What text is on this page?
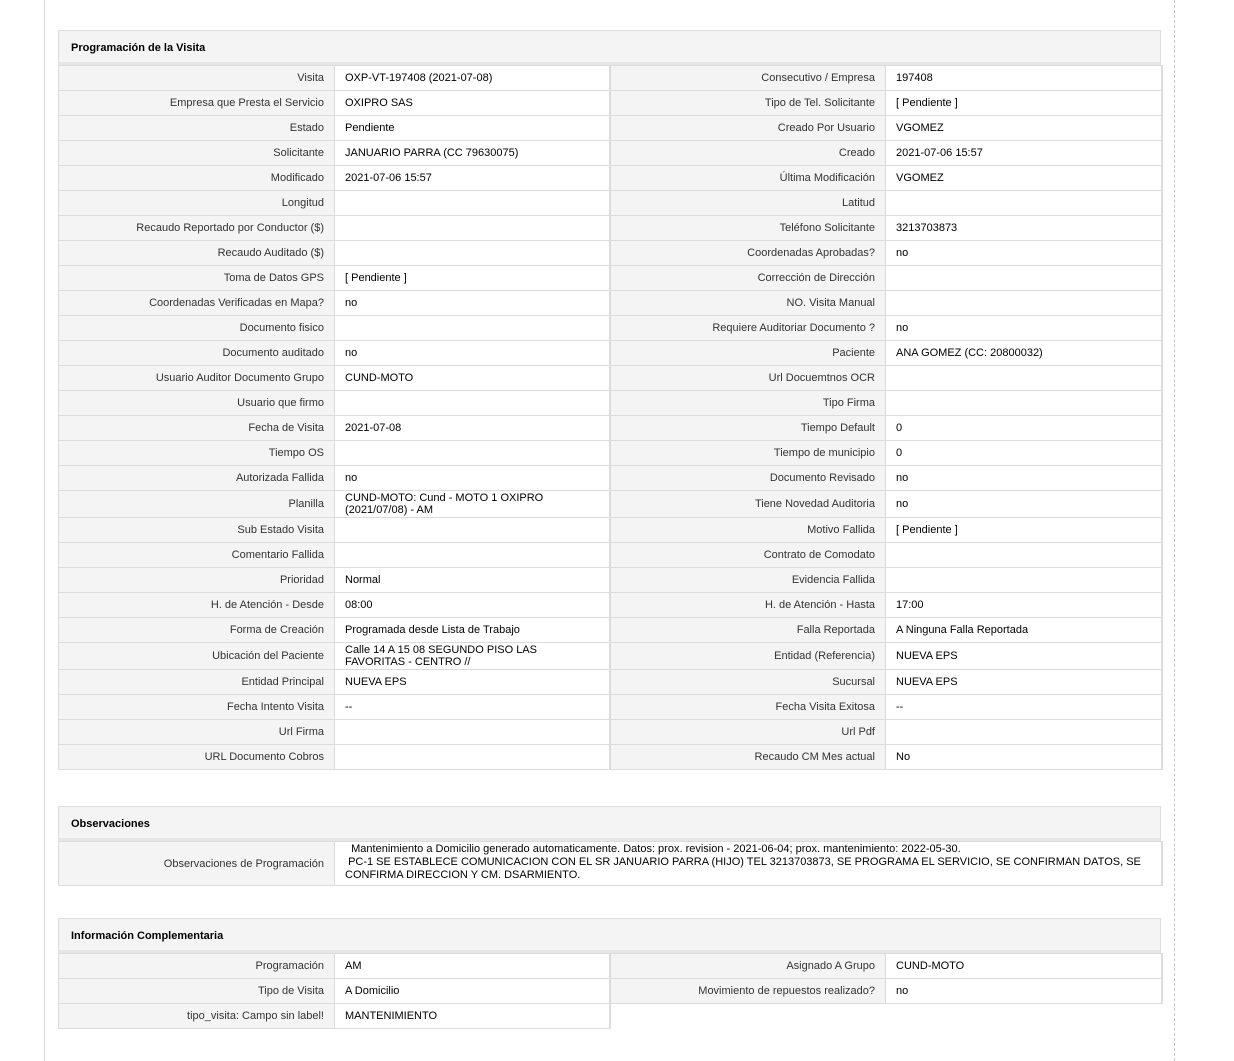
Programación de la Visita
Visita	OXP-VT-197408 (2021-07-08)	Consecutivo / Empresa	197408
Empresa que Presta el Servicio	OXIPRO SAS	Tipo de Tel. Solicitante	[ Pendiente ]
Estado	Pendiente	Creado Por Usuario	VGOMEZ
Solicitante	JANUARIO PARRA (CC 79630075)	Creado	2021-07-06 15:57
Modificado	2021-07-06 15:57	Última Modificación	VGOMEZ
Longitud		Latitud	
Recaudo Reportado por Conductor ($)		Teléfono Solicitante	3213703873
Recaudo Auditado ($)		Coordenadas Aprobadas?	no
Toma de Datos GPS	[ Pendiente ]	Corrección de Dirección	
Coordenadas Verificadas en Mapa?	no	NO. Visita Manual	
Documento fisico		Requiere Auditoriar Documento ?	no
Documento auditado	no	Paciente	ANA GOMEZ (CC: 20800032)
Usuario Auditor Documento Grupo	CUND-MOTO	Url Docuemtnos OCR	
Usuario que firmo		Tipo Firma	
Fecha de Visita	2021-07-08	Tiempo Default	0
Tiempo OS		Tiempo de municipio	0
Autorizada Fallida	no	Documento Revisado	no
Planilla	CUND-MOTO: Cund - MOTO 1 OXIPRO (2021/07/08) - AM	Tiene Novedad Auditoria	no
Sub Estado Visita		Motivo Fallida	[ Pendiente ]
Comentario Fallida		Contrato de Comodato	
Prioridad	Normal	Evidencia Fallida	
H. de Atención - Desde	08:00	H. de Atención - Hasta	17:00
Forma de Creación	Programada desde Lista de Trabajo	Falla Reportada	A Ninguna Falla Reportada
Ubicación del Paciente	Calle 14 A 15 08 SEGUNDO PISO LAS FAVORITAS - CENTRO //	Entidad (Referencia)	NUEVA EPS
Entidad Principal	NUEVA EPS	Sucursal	NUEVA EPS
Fecha Intento Visita	--	Fecha Visita Exitosa	--
Url Firma		Url Pdf	
URL Documento Cobros		Recaudo CM Mes actual	No
Observaciones
Observaciones de Programación	
Mantenimiento a Domicilio generado automaticamente. Datos: prox. revision - 2021-06-04; prox. mantenimiento: 2022-05-30.
PC-1 SE ESTABLECE COMUNICACION CON EL SR JANUARIO PARRA (HIJO) TEL 3213703873, SE PROGRAMA EL SERVICIO, SE CONFIRMAN DATOS, SE CONFIRMA DIRECCION Y CM. DSARMIENTO.
Información Complementaria
Programación	AM	Asignado A Grupo	CUND-MOTO
Tipo de Visita	A Domicilio	Movimiento de repuestos realizado?	no
tipo_visita: Campo sin label!	MANTENIMIENTO		
